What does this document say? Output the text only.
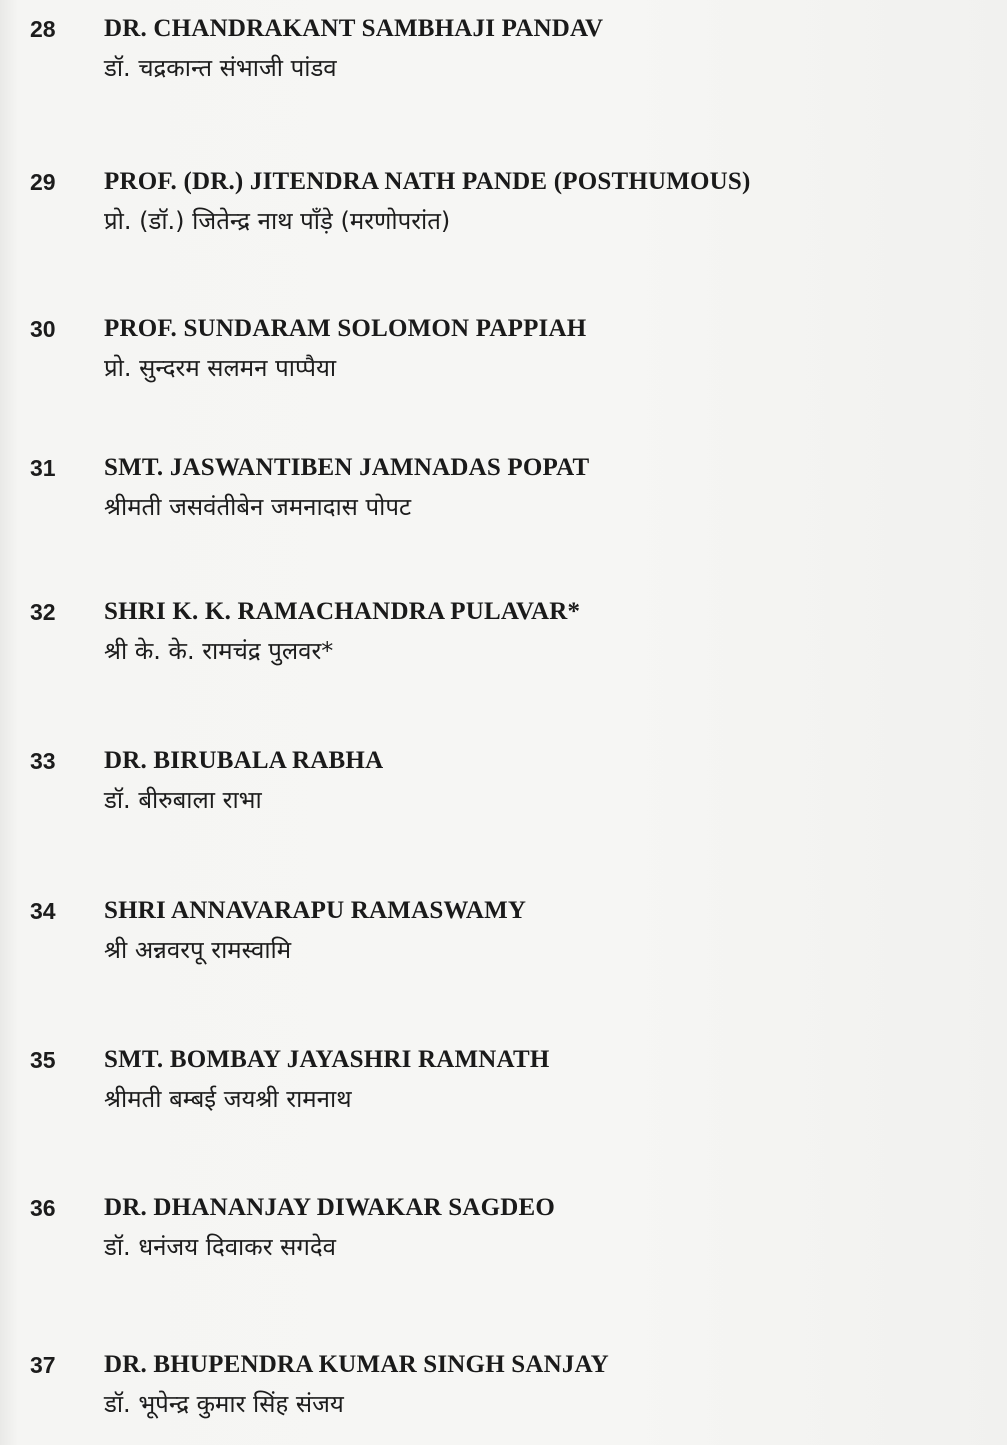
28	DR. CHANDRAKANT SAMBHAJI PANDAV
डॉ. चद्रकान्त संभाजी पांडव
29	PROF. (DR.) JITENDRA NATH PANDE (POSTHUMOUS)
प्रो. (डॉ.) जितेन्द्र नाथ पाँड़े (मरणोपरांत)
30	PROF. SUNDARAM SOLOMON PAPPIAH
प्रो. सुन्दरम सलमन पाप्पैया
31	SMT. JASWANTIBEN JAMNADAS POPAT
श्रीमती जसवंतीबेन जमनादास पोपट
32	SHRI K. K. RAMACHANDRA PULAVAR*
श्री के. के. रामचंद्र पुलवर*
33	DR. BIRUBALA RABHA
डॉ. बीरुबाला राभा
34	SHRI ANNAVARAPU RAMASWAMY
श्री अन्नवरपू रामस्वामि
35	SMT. BOMBAY JAYASHRI RAMNATH
श्रीमती बम्बई जयश्री रामनाथ
36	DR. DHANANJAY DIWAKAR SAGDEO
डॉ. धनंजय दिवाकर सगदेव
37	DR. BHUPENDRA KUMAR SINGH SANJAY
डॉ. भूपेन्द्र कुमार सिंह संजय
